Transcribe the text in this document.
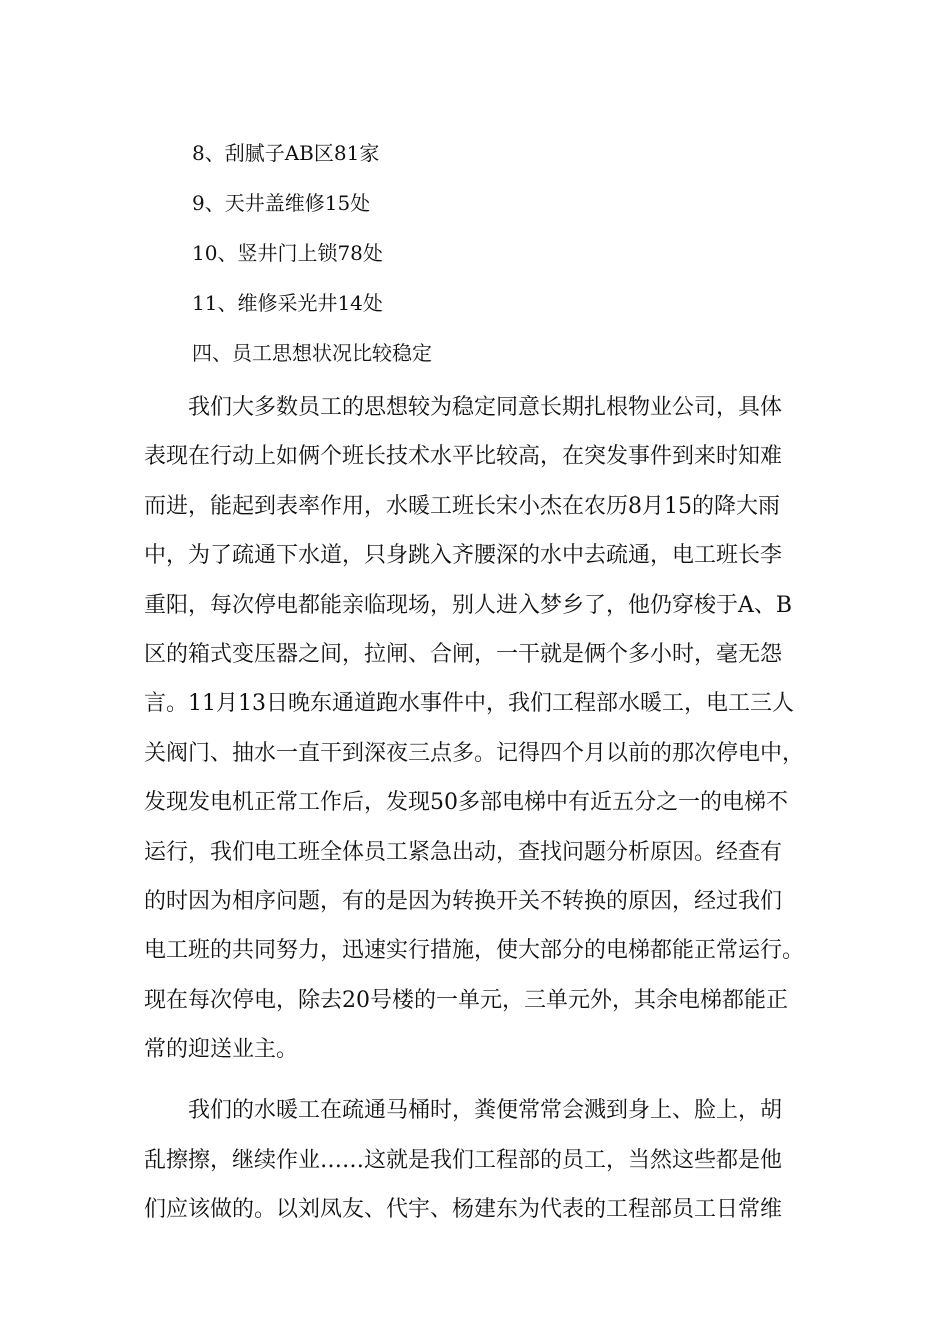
8、刮腻子AB区81家
9、天井盖维修15处
10、竖井门上锁78处
11、维修采光井14处
四、员工思想状况比较稳定
　　我们大多数员工的思想较为稳定同意长期扎根物业公司，具体
表现在行动上如俩个班长技术水平比较高，在突发事件到来时知难
而进，能起到表率作用，水暖工班长宋小杰在农历8月15的降大雨
中，为了疏通下水道，只身跳入齐腰深的水中去疏通，电工班长李
重阳，每次停电都能亲临现场，别人进入梦乡了，他仍穿梭于A、B
区的箱式变压器之间，拉闸、合闸，一干就是俩个多小时，毫无怨
言。11月13日晚东通道跑水事件中，我们工程部水暖工，电工三人
关阀门、抽水一直干到深夜三点多。记得四个月以前的那次停电中，
发现发电机正常工作后，发现50多部电梯中有近五分之一的电梯不
运行，我们电工班全体员工紧急出动，查找问题分析原因。经查有
的时因为相序问题，有的是因为转换开关不转换的原因，经过我们
电工班的共同努力，迅速实行措施，使大部分的电梯都能正常运行。
现在每次停电，除去20号楼的一单元，三单元外，其余电梯都能正
常的迎送业主。
　　我们的水暖工在疏通马桶时，粪便常常会溅到身上、脸上，胡
乱擦擦，继续作业……这就是我们工程部的员工，当然这些都是他
们应该做的。以刘凤友、代宇、杨建东为代表的工程部员工日常维
